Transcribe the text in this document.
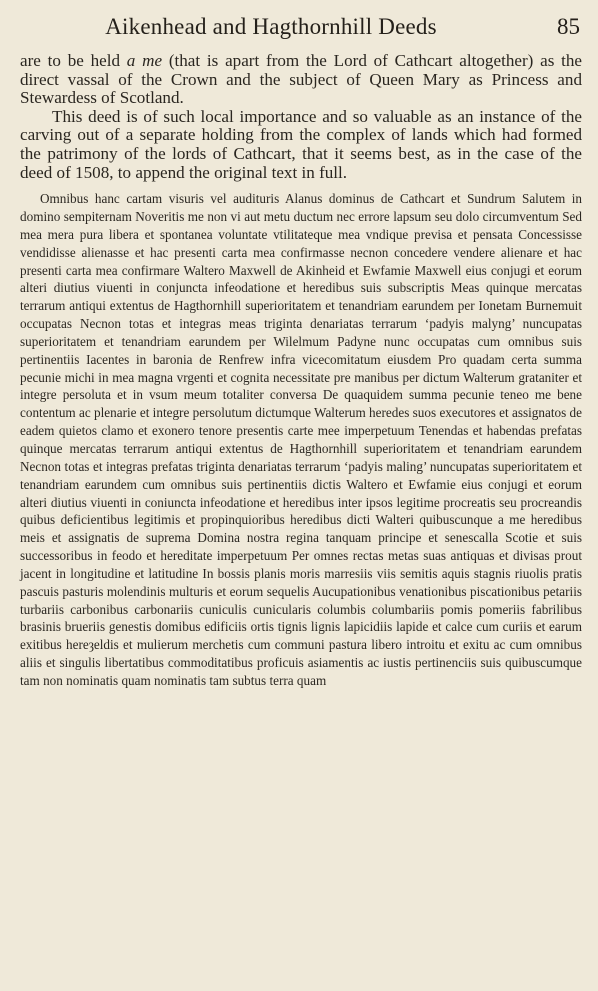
Aikenhead and Hagthornhill Deeds	85

are to be held a me (that is apart from the Lord of Cathcart altogether) as the direct vassal of the Crown and the subject of Queen Mary as Princess and Stewardess of Scotland.

This deed is of such local importance and so valuable as an instance of the carving out of a separate holding from the complex of lands which had formed the patrimony of the lords of Cathcart, that it seems best, as in the case of the deed of 1508, to append the original text in full.

Omnibus hanc cartam visuris vel audituris Alanus dominus de Cathcart et Sundrum Salutem in domino sempiternam Noveritis me non vi aut metu ductum nec errore lapsum seu dolo circumventum Sed mea mera pura libera et spontanea voluntate vtilitateque mea vndique previsa et pensata Concessisse vendidisse alienasse et hac presenti carta mea confirmasse necnon concedere vendere alienare et hac presenti carta mea confirmare Waltero Maxwell de Akinheid et Ewfamie Maxwell eius conjugi et eorum alteri diutius viuenti in conjuncta infeodatione et heredibus suis subscriptis Meas quinque mercatas terrarum antiqui extentus de Hagthornhill superioritatem et tenandriam earundem per Ionetam Burnemuit occupatas Necnon totas et integras meas triginta denariatas terrarum ‘padyis malyng’ nuncupatas superioritatem et tenandriam earundem per Wilelmum Padyne nunc occupatas cum omnibus suis pertinentiis Iacentes in baronia de Renfrew infra vicecomitatum eiusdem Pro quadam certa summa pecunie michi in mea magna vrgenti et cognita necessitate pre manibus per dictum Walterum grataniter et integre persoluta et in vsum meum totaliter conversa De quaquidem summa pecunie teneo me bene contentum ac plenarie et integre persolutum dictumque Walterum heredes suos executores et assignatos de eadem quietos clamo et exonero tenore presentis carte mee imperpetuum Tenendas et habendas prefatas quinque mercatas terrarum antiqui extentus de Hagthornhill superioritatem et tenandriam earundem Necnon totas et integras prefatas triginta denariatas terrarum ‘padyis maling’ nuncupatas superioritatem et tenandriam earundem cum omnibus suis pertinentiis dictis Waltero et Ewfamie eius conjugi et eorum alteri diutius viuenti in coniuncta infeodatione et heredibus inter ipsos legitime procreatis seu procreandis quibus deficientibus legitimis et propinquioribus heredibus dicti Walteri quibuscunque a me heredibus meis et assignatis de suprema Domina nostra regina tanquam principe et senescalla Scotie et suis successoribus in feodo et hereditate imperpetuum Per omnes rectas metas suas antiquas et divisas prout jacent in longitudine et latitudine In bossis planis moris marresiis viis semitis aquis stagnis riuolis pratis pascuis pasturis molendinis multuris et eorum sequelis Aucupationibus venationibus piscationibus petariis turbariis carbonibus carbonariis cuniculis cunicularis columbis columbariis pomis pomeriis fabrilibus brasinis brueriis genestis domibus edificiis ortis tignis lignis lapicidiis lapide et calce cum curiis et earum exitibus hereȝeldis et mulierum merchetis cum communi pastura libero introitu et exitu ac cum omnibus aliis et singulis libertatibus commoditatibus proficuis asiamentis ac iustis pertinenciis suis quibuscumque tam non nominatis quam nominatis tam subtus terra quam
